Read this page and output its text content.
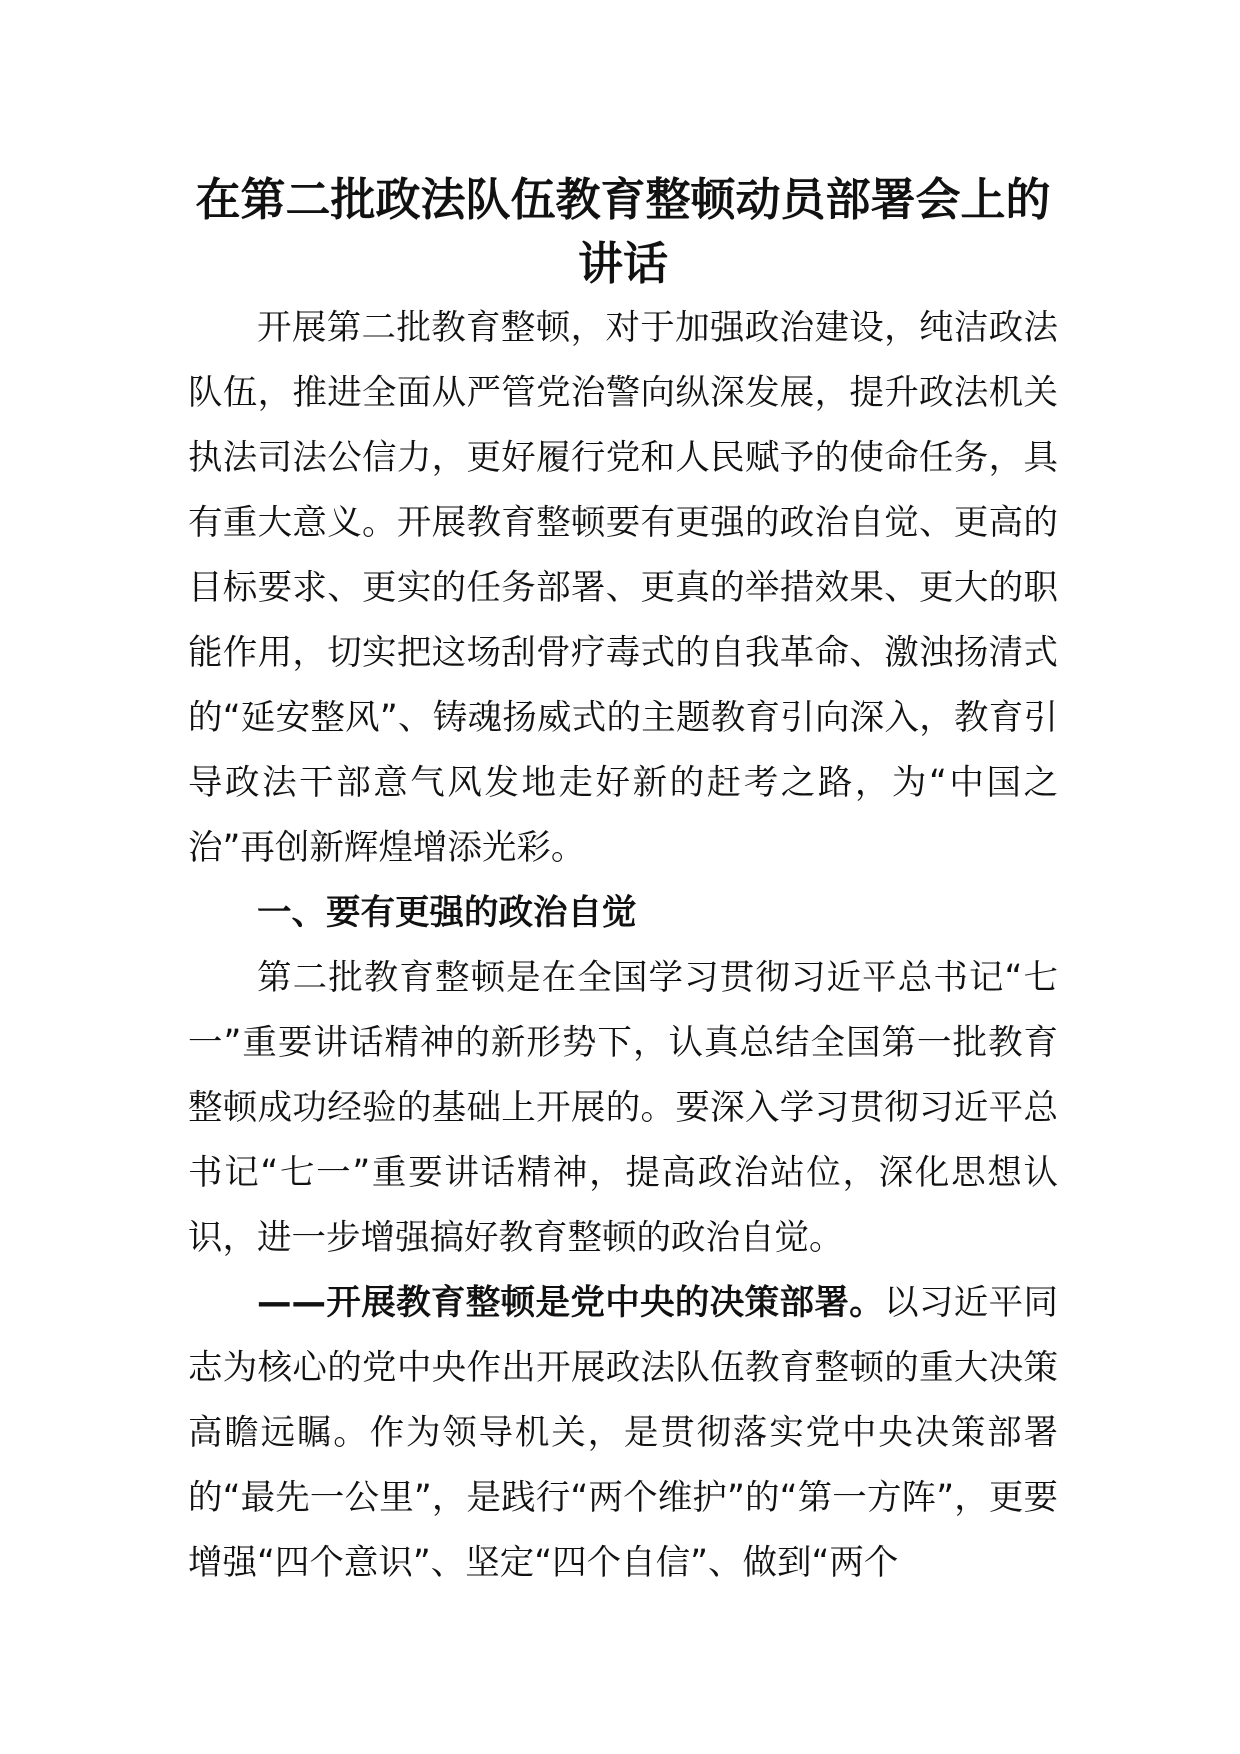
在第二批政法队伍教育整顿动员部署会上的讲话

开展第二批教育整顿，对于加强政治建设，纯洁政法队伍，推进全面从严管党治警向纵深发展，提升政法机关执法司法公信力，更好履行党和人民赋予的使命任务，具有重大意义。开展教育整顿要有更强的政治自觉、更高的目标要求、更实的任务部署、更真的举措效果、更大的职能作用，切实把这场刮骨疗毒式的自我革命、激浊扬清式的“延安整风”、铸魂扬威式的主题教育引向深入，教育引导政法干部意气风发地走好新的赶考之路，为“中国之治”再创新辉煌增添光彩。

一、要有更强的政治自觉

第二批教育整顿是在全国学习贯彻习近平总书记“七一”重要讲话精神的新形势下，认真总结全国第一批教育整顿成功经验的基础上开展的。要深入学习贯彻习近平总书记“七一”重要讲话精神，提高政治站位，深化思想认识，进一步增强搞好教育整顿的政治自觉。

——开展教育整顿是党中央的决策部署。以习近平同志为核心的党中央作出开展政法队伍教育整顿的重大决策高瞻远瞩。作为领导机关，是贯彻落实党中央决策部署的“最先一公里”，是践行“两个维护”的“第一方阵”，更要增强“四个意识”、坚定“四个自信”、做到“两个
